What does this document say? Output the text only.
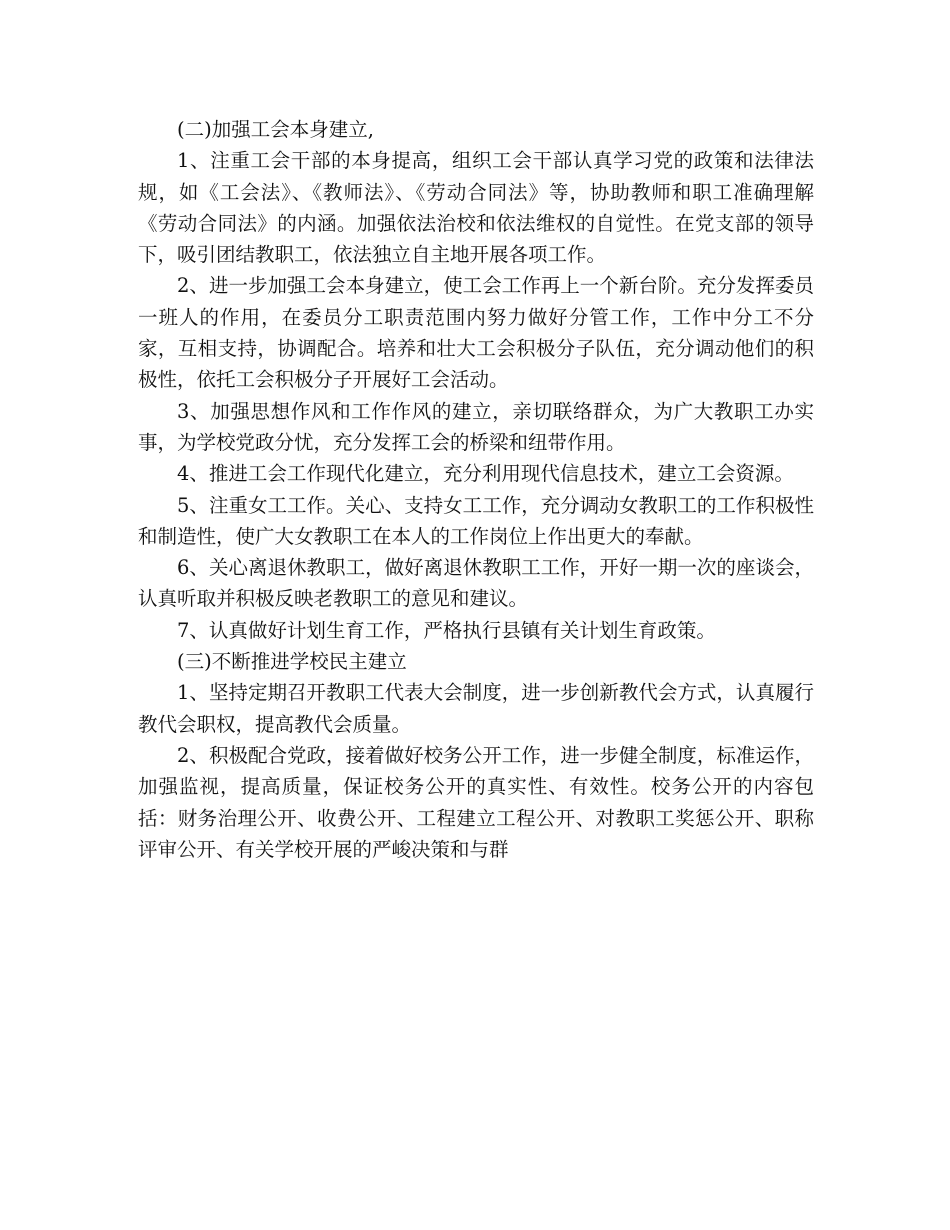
(二)加强工会本身建立,

1、注重工会干部的本身提高，组织工会干部认真学习党的政策和法律法规，如《工会法》、《教师法》、《劳动合同法》等，协助教师和职工准确理解《劳动合同法》的内涵。加强依法治校和依法维权的自觉性。在党支部的领导下，吸引团结教职工，依法独立自主地开展各项工作。

2、进一步加强工会本身建立，使工会工作再上一个新台阶。充分发挥委员一班人的作用，在委员分工职责范围内努力做好分管工作，工作中分工不分家，互相支持，协调配合。培养和壮大工会积极分子队伍，充分调动他们的积极性，依托工会积极分子开展好工会活动。

3、加强思想作风和工作作风的建立，亲切联络群众，为广大教职工办实事，为学校党政分忧，充分发挥工会的桥梁和纽带作用。

4、推进工会工作现代化建立，充分利用现代信息技术，建立工会资源。

5、注重女工工作。关心、支持女工工作，充分调动女教职工的工作积极性和制造性，使广大女教职工在本人的工作岗位上作出更大的奉献。

6、关心离退休教职工，做好离退休教职工工作，开好一期一次的座谈会，认真听取并积极反映老教职工的意见和建议。

7、认真做好计划生育工作，严格执行县镇有关计划生育政策。

(三)不断推进学校民主建立

1、坚持定期召开教职工代表大会制度，进一步创新教代会方式，认真履行教代会职权，提高教代会质量。

2、积极配合党政，接着做好校务公开工作，进一步健全制度，标准运作，加强监视，提高质量，保证校务公开的真实性、有效性。校务公开的内容包括：财务治理公开、收费公开、工程建立工程公开、对教职工奖惩公开、职称评审公开、有关学校开展的严峻决策和与群
